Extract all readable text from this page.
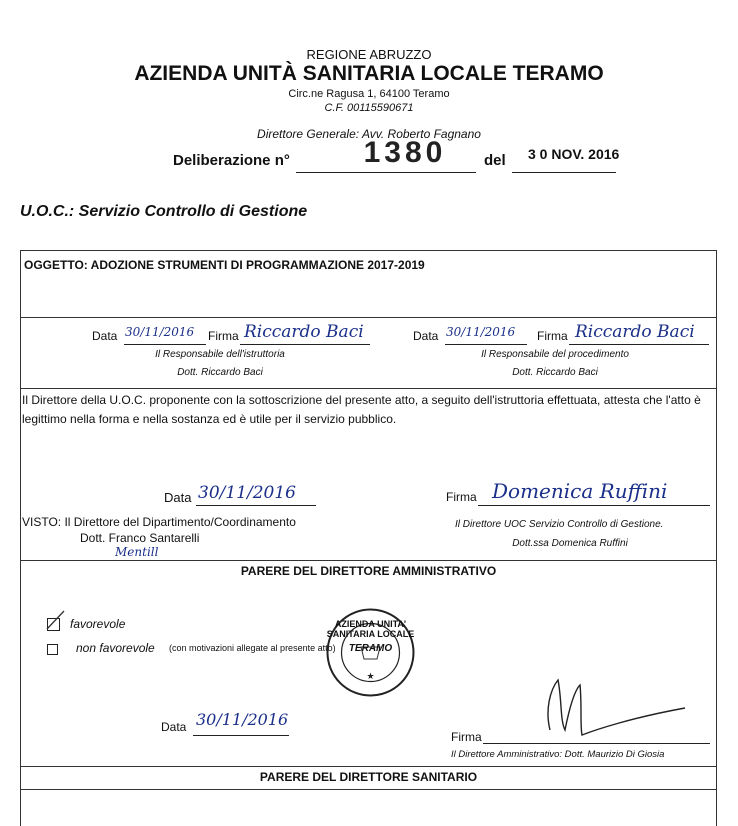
REGIONE ABRUZZO
AZIENDA UNITÀ SANITARIA LOCALE TERAMO
Circ.ne Ragusa 1, 64100 Teramo
C.F. 00115590671
Direttore Generale: Avv. Roberto Fagnano
Deliberazione n°	1380	del 3 0 NOV. 2016
U.O.C.: Servizio Controllo di Gestione
OGGETTO: ADOZIONE STRUMENTI DI PROGRAMMAZIONE 2017-2019
Data 30/11/2016 Firma Riccardo Baci
Il Responsabile dell'istruttoria
Dott. Riccardo Baci
Data 30/11/2016 Firma Riccardo Baci
Il Responsabile del procedimento
Dott. Riccardo Baci
Il Direttore della U.O.C. proponente con la sottoscrizione del presente atto, a seguito dell'istruttoria effettuata, attesta che l'atto è legittimo nella forma e nella sostanza ed è utile per il servizio pubblico.
Data 30/11/2016
VISTO: Il Direttore del Dipartimento/Coordinamento
Dott. Franco Santarelli
Mentill
Firma Domenica Ruffini
Il Direttore UOC Servizio Controllo di Gestione.
Dott.ssa Domenica Ruffini
PARERE DEL DIRETTORE AMMINISTRATIVO
favorevole
non favorevole (con motivazioni allegate al presente atto)
★
AZIENDA UNITA' SANITARIA LOCALE
TERAMO
Data 30/11/2016
Firma
Il Direttore Amministrativo: Dott. Maurizio Di Giosia
PARERE DEL DIRETTORE SANITARIO
